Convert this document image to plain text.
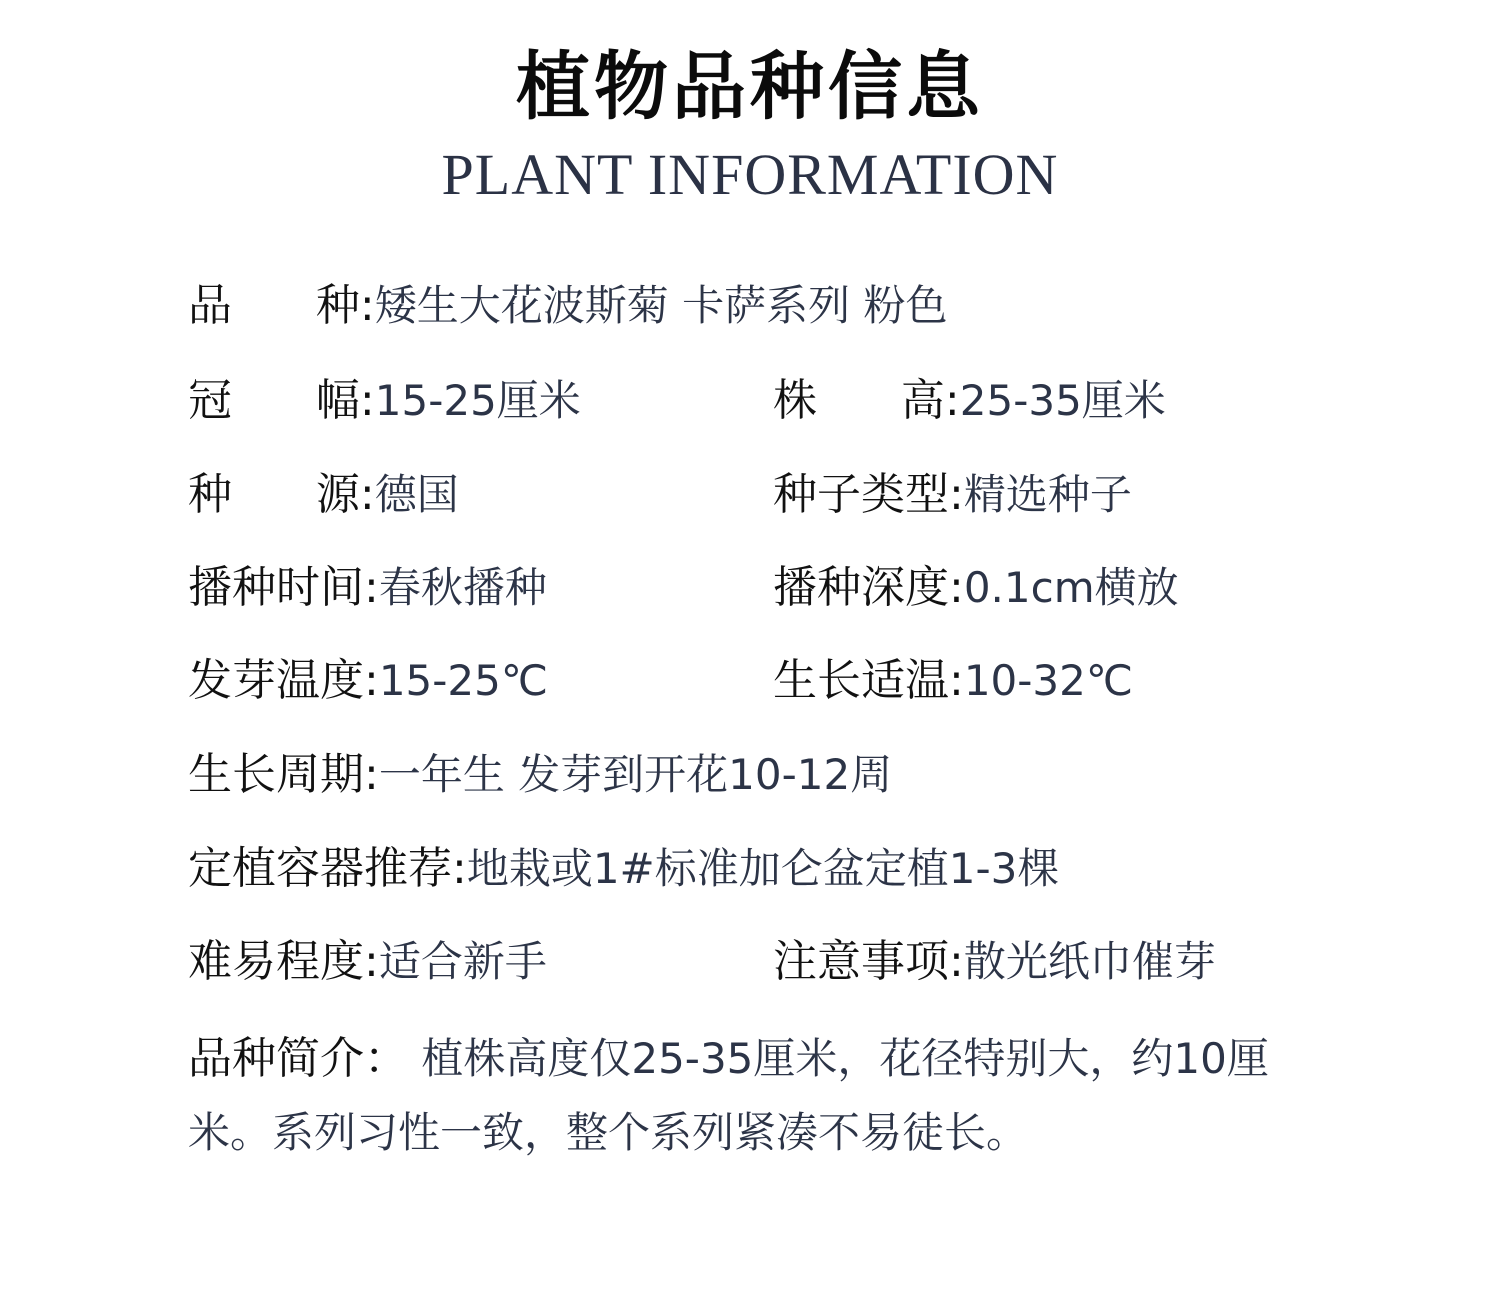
植物品种信息
PLANT INFORMATION
品      种:矮生大花波斯菊 卡萨系列 粉色
冠      幅:15-25厘米	株      高:25-35厘米
种      源:德国	种子类型:精选种子
播种时间:春秋播种	播种深度:0.1cm横放
发芽温度:15-25℃	生长适温:10-32℃
生长周期:一年生 发芽到开花10-12周
定植容器推荐:地栽或1#标准加仑盆定植1-3棵
难易程度:适合新手	注意事项:散光纸巾催芽
品种简介： 植株高度仅25-35厘米，花径特别大，约10厘米。系列习性一致，整个系列紧凑不易徒长。
